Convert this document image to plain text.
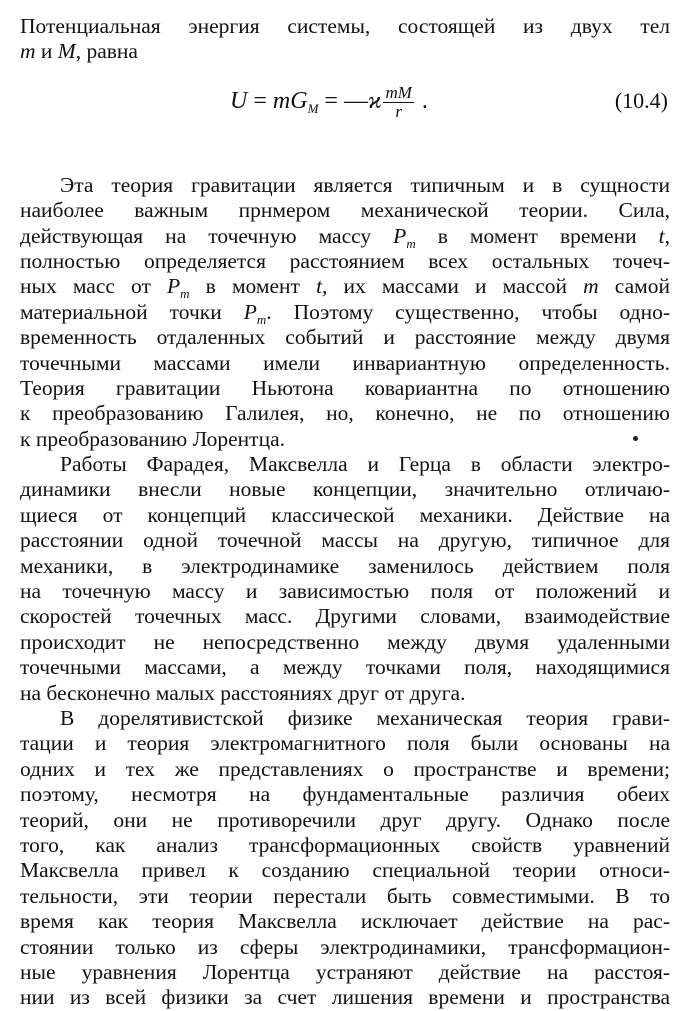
Потенциальная энергия системы, состоящей из двух тел
m и M, равна
$U = mG_M$ = —ϰ $\frac{mM}{r}$ .	(10.4)
Эта теория гравитации является типичным и в сущности
наиболее важным прнмером механической теории. Сила,
действующая на точечную массу $P_m$ в момент времени t,
полностью определяется расстоянием всех остальных точеч-
ных масс от $P_m$ в момент t, их массами и массой m самой
материальной точки $P_m$. Поэтому существенно, чтобы одно-
временность отдаленных событий и расстояние между двумя
точечными массами имели инвариантную определенность.
Теория гравитации Ньютона ковариантна по отношению
к преобразованию Галилея, но, конечно, не по отношению
к преобразованию Лорентца.
Работы Фарадея, Максвелла и Герца в области электро-
динамики внесли новые концепции, значительно отличаю-
щиеся от концепций классической механики. Действие на
расстоянии одной точечной массы на другую, типичное для
механики, в электродинамике заменилось действием поля
на точечную массу и зависимостью поля от положений и
скоростей точечных масс. Другими словами, взаимодействие
происходит не непосредственно между двумя удаленными
точечными массами, а между точками поля, находящимися
на бесконечно малых расстояниях друг от друга.
В дорелятивистской физике механическая теория грави-
тации и теория электромагнитного поля были основаны на
одних и тех же представлениях о пространстве и времени;
поэтому, несмотря на фундаментальные различия обеих
теорий, они не противоречили друг другу. Однако после
того, как анализ трансформационных свойств уравнений
Максвелла привел к созданию специальной теории относи-
тельности, эти теории перестали быть совместимыми. В то
время как теория Максвелла исключает действие на рас-
стоянии только из сферы электродинамики, трансформацион-
ные уравнения Лорентца устраняют действие на расстоя-
нии из всей физики за счет лишения времени и пространства
